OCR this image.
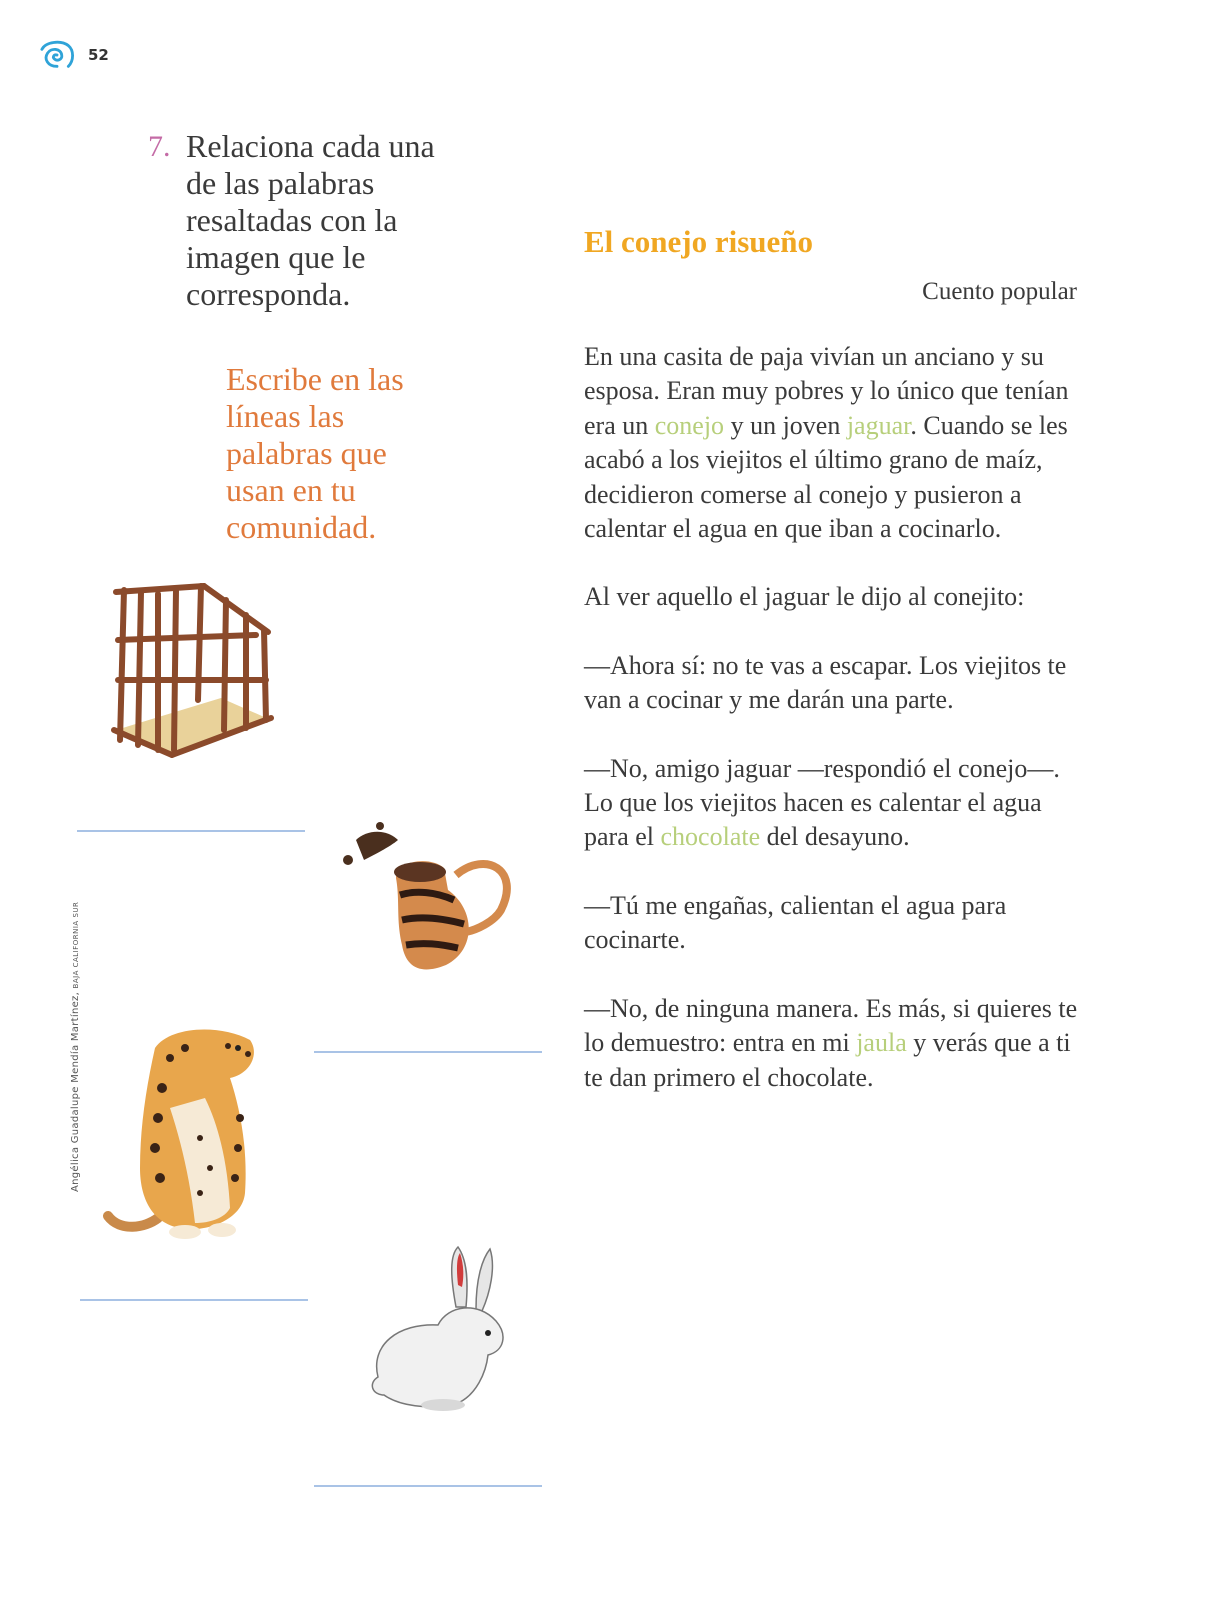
52
7. Relaciona cada una de las palabras resaltadas con la imagen que le corresponda.
Escribe en las líneas las palabras que usan en tu comunidad.
Angélica Guadalupe Mendía Martínez, BAJA CALIFORNIA SUR
El conejo risueño
Cuento popular

En una casita de paja vivían un anciano y su esposa. Eran muy pobres y lo único que tenían era un conejo y un joven jaguar. Cuando se les acabó a los viejitos el último grano de maíz, decidieron comerse al conejo y pusieron a calentar el agua en que iban a cocinarlo.

Al ver aquello el jaguar le dijo al conejito:

—Ahora sí: no te vas a escapar. Los viejitos te van a cocinar y me darán una parte.

—No, amigo jaguar —respondió el conejo—. Lo que los viejitos hacen es calentar el agua para el chocolate del desayuno.

—Tú me engañas, calientan el agua para cocinarte.

—No, de ninguna manera. Es más, si quieres te lo demuestro: entra en mi jaula y verás que a ti te dan primero el chocolate.
